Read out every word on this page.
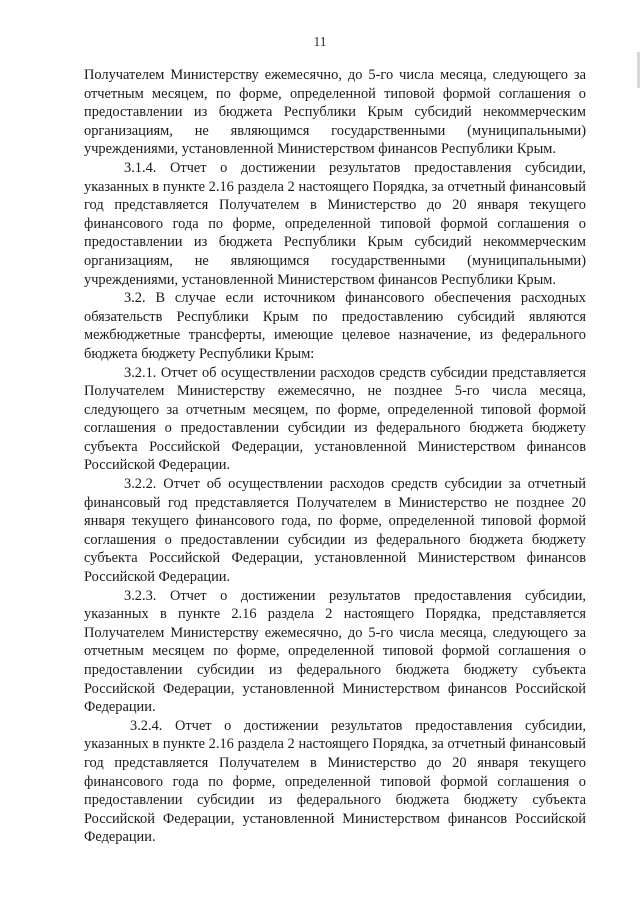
11

Получателем Министерству ежемесячно, до 5-го числа месяца, следующего за отчетным месяцем, по форме, определенной типовой формой соглашения о предоставлении из бюджета Республики Крым субсидий некоммерческим организациям, не являющимся государственными (муниципальными) учреждениями, установленной Министерством финансов Республики Крым.

3.1.4. Отчет о достижении результатов предоставления субсидии, указанных в пункте 2.16 раздела 2 настоящего Порядка, за отчетный финансовый год представляется Получателем в Министерство до 20 января текущего финансового года по форме, определенной типовой формой соглашения о предоставлении из бюджета Республики Крым субсидий некоммерческим организациям, не являющимся государственными (муниципальными) учреждениями, установленной Министерством финансов Республики Крым.

3.2. В случае если источником финансового обеспечения расходных обязательств Республики Крым по предоставлению субсидий являются межбюджетные трансферты, имеющие целевое назначение, из федерального бюджета бюджету Республики Крым:

3.2.1. Отчет об осуществлении расходов средств субсидии представляется Получателем Министерству ежемесячно, не позднее 5-го числа месяца, следующего за отчетным месяцем, по форме, определенной типовой формой соглашения о предоставлении субсидии из федерального бюджета бюджету субъекта Российской Федерации, установленной Министерством финансов Российской Федерации.

3.2.2. Отчет об осуществлении расходов средств субсидии за отчетный финансовый год представляется Получателем в Министерство не позднее 20 января текущего финансового года, по форме, определенной типовой формой соглашения о предоставлении субсидии из федерального бюджета бюджету субъекта Российской Федерации, установленной Министерством финансов Российской Федерации.

3.2.3. Отчет о достижении результатов предоставления субсидии, указанных в пункте 2.16 раздела 2 настоящего Порядка, представляется Получателем Министерству ежемесячно, до 5-го числа месяца, следующего за отчетным месяцем по форме, определенной типовой формой соглашения о предоставлении субсидии из федерального бюджета бюджету субъекта Российской Федерации, установленной Министерством финансов Российской Федерации.

3.2.4. Отчет о достижении результатов предоставления субсидии, указанных в пункте 2.16 раздела 2 настоящего Порядка, за отчетный финансовый год представляется Получателем в Министерство до 20 января текущего финансового года по форме, определенной типовой формой соглашения о предоставлении субсидии из федерального бюджета бюджету субъекта Российской Федерации, установленной Министерством финансов Российской Федерации.
